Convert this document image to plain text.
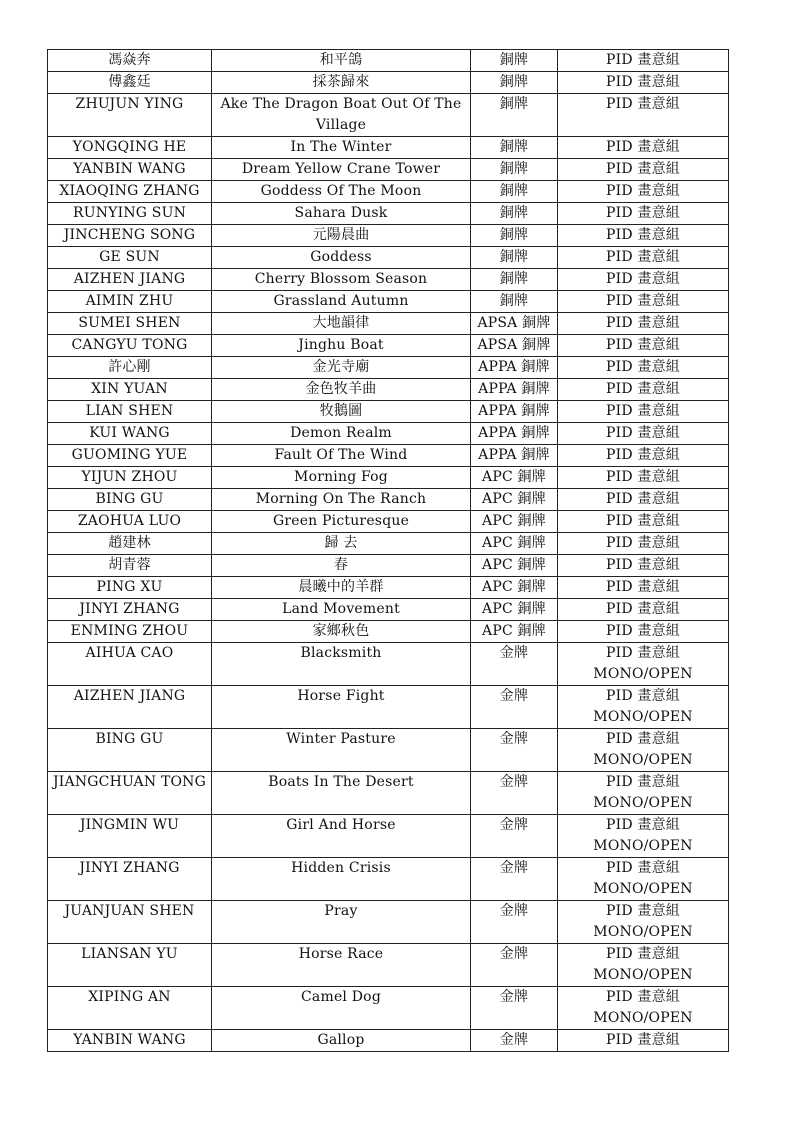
馮焱奔	和平鴿	銅牌	PID 畫意組
傅鑫廷	採茶歸來	銅牌	PID 畫意組
ZHUJUN YING	Ake The Dragon Boat Out Of The
Village	銅牌	PID 畫意組
YONGQING HE	In The Winter	銅牌	PID 畫意組
YANBIN WANG	Dream Yellow Crane Tower	銅牌	PID 畫意組
XIAOQING ZHANG	Goddess Of The Moon	銅牌	PID 畫意組
RUNYING SUN	Sahara Dusk	銅牌	PID 畫意組
JINCHENG SONG	元陽晨曲	銅牌	PID 畫意組
GE SUN	Goddess	銅牌	PID 畫意組
AIZHEN JIANG	Cherry Blossom Season	銅牌	PID 畫意組
AIMIN ZHU	Grassland Autumn	銅牌	PID 畫意組
SUMEI SHEN	大地韻律	APSA 銅牌	PID 畫意組
CANGYU TONG	Jinghu Boat	APSA 銅牌	PID 畫意組
許心剛	金光寺廟	APPA 銅牌	PID 畫意組
XIN YUAN	金色牧羊曲	APPA 銅牌	PID 畫意組
LIAN SHEN	牧鵝圖	APPA 銅牌	PID 畫意組
KUI WANG	Demon Realm	APPA 銅牌	PID 畫意組
GUOMING YUE	Fault Of The Wind	APPA 銅牌	PID 畫意組
YIJUN ZHOU	Morning Fog	APC 銅牌	PID 畫意組
BING GU	Morning On The Ranch	APC 銅牌	PID 畫意組
ZAOHUA LUO	Green Picturesque	APC 銅牌	PID 畫意組
趙建林	歸 去	APC 銅牌	PID 畫意組
胡青蓉	春	APC 銅牌	PID 畫意組
PING XU	晨曦中的羊群	APC 銅牌	PID 畫意組
JINYI ZHANG	Land Movement	APC 銅牌	PID 畫意組
ENMING ZHOU	家鄉秋色	APC 銅牌	PID 畫意組
AIHUA CAO	Blacksmith	金牌	PID 畫意組
MONO/OPEN
AIZHEN JIANG	Horse Fight	金牌	PID 畫意組
MONO/OPEN
BING GU	Winter Pasture	金牌	PID 畫意組
MONO/OPEN
JIANGCHUAN TONG	Boats In The Desert	金牌	PID 畫意組
MONO/OPEN
JINGMIN WU	Girl And Horse	金牌	PID 畫意組
MONO/OPEN
JINYI ZHANG	Hidden Crisis	金牌	PID 畫意組
MONO/OPEN
JUANJUAN SHEN	Pray	金牌	PID 畫意組
MONO/OPEN
LIANSAN YU	Horse Race	金牌	PID 畫意組
MONO/OPEN
XIPING AN	Camel Dog	金牌	PID 畫意組
MONO/OPEN
YANBIN WANG	Gallop	金牌	PID 畫意組
